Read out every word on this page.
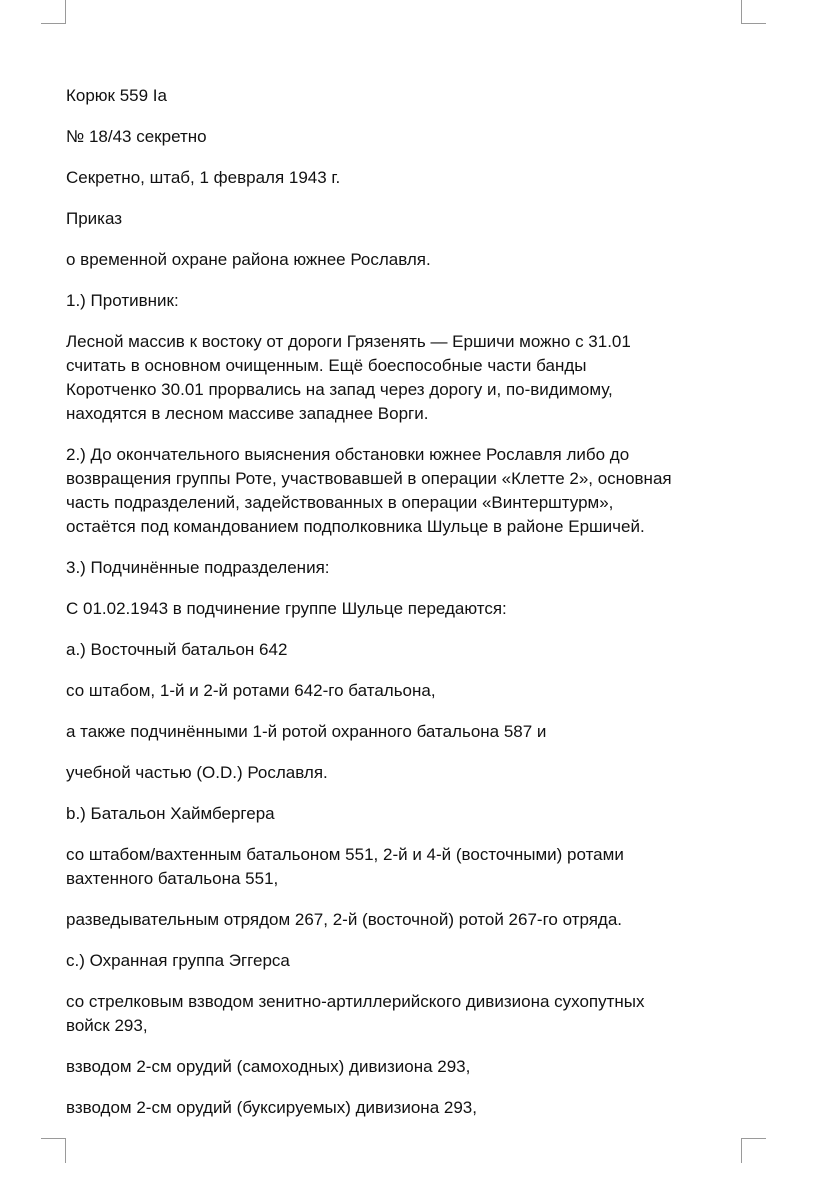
Корюк 559 Ia

№ 18/43 секретно

Секретно, штаб, 1 февраля 1943 г.

Приказ

о временной охране района южнее Рославля.

1.) Противник:

Лесной массив к востоку от дороги Грязенять — Ершичи можно с 31.01
считать в основном очищенным. Ещё боеспособные части банды
Коротченко 30.01 прорвались на запад через дорогу и, по-видимому,
находятся в лесном массиве западнее Ворги.

2.) До окончательного выяснения обстановки южнее Рославля либо до
возвращения группы Роте, участвовавшей в операции «Клетте 2», основная
часть подразделений, задействованных в операции «Винтерштурм»,
остаётся под командованием подполковника Шульце в районе Ершичей.

3.) Подчинённые подразделения:

С 01.02.1943 в подчинение группе Шульце передаются:

a.) Восточный батальон 642

со штабом, 1-й и 2-й ротами 642-го батальона,

а также подчинёнными 1-й ротой охранного батальона 587 и

учебной частью (O.D.) Рославля.

b.) Батальон Хаймбергера

со штабом/вахтенным батальоном 551, 2-й и 4-й (восточными) ротами
вахтенного батальона 551,

разведывательным отрядом 267, 2-й (восточной) ротой 267-го отряда.

c.) Охранная группа Эггерса

со стрелковым взводом зенитно-артиллерийского дивизиона сухопутных
войск 293,

взводом 2-см орудий (самоходных) дивизиона 293,

взводом 2-см орудий (буксируемых) дивизиона 293,
